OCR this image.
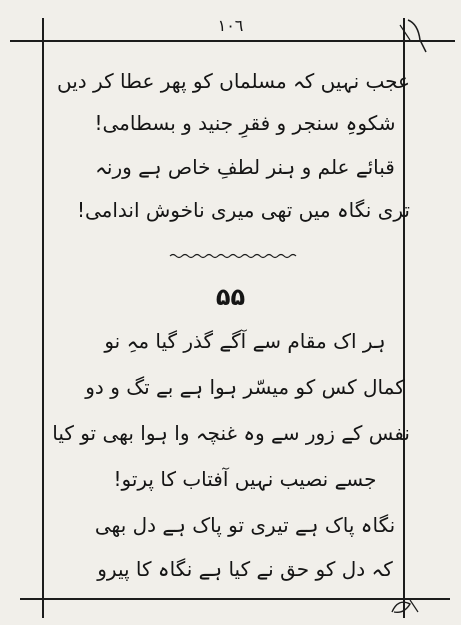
١٠٦
عجب نہیں کہ مسلماں کو پھر عطا کر دیں
شکوہِ سنجر و فقرِ جنید و بسطامی!
قبائے علم و ہنر لطفِ خاص ہے ورنہ
تری نگاہ میں تھی میری ناخوش اندامی!
۵۵
ہر اک مقام سے آگے گذر گیا مہِ نو
کمال کس کو میسّر ہوا ہے بے تگ و دو
نفس کے زور سے وہ غنچہ وا ہوا بھی تو کیا
جسے نصیب نہیں آفتاب کا پرتو!
نگاہ پاک ہے تیری تو پاک ہے دل بھی
کہ دل کو حق نے کیا ہے نگاہ کا پیرو
